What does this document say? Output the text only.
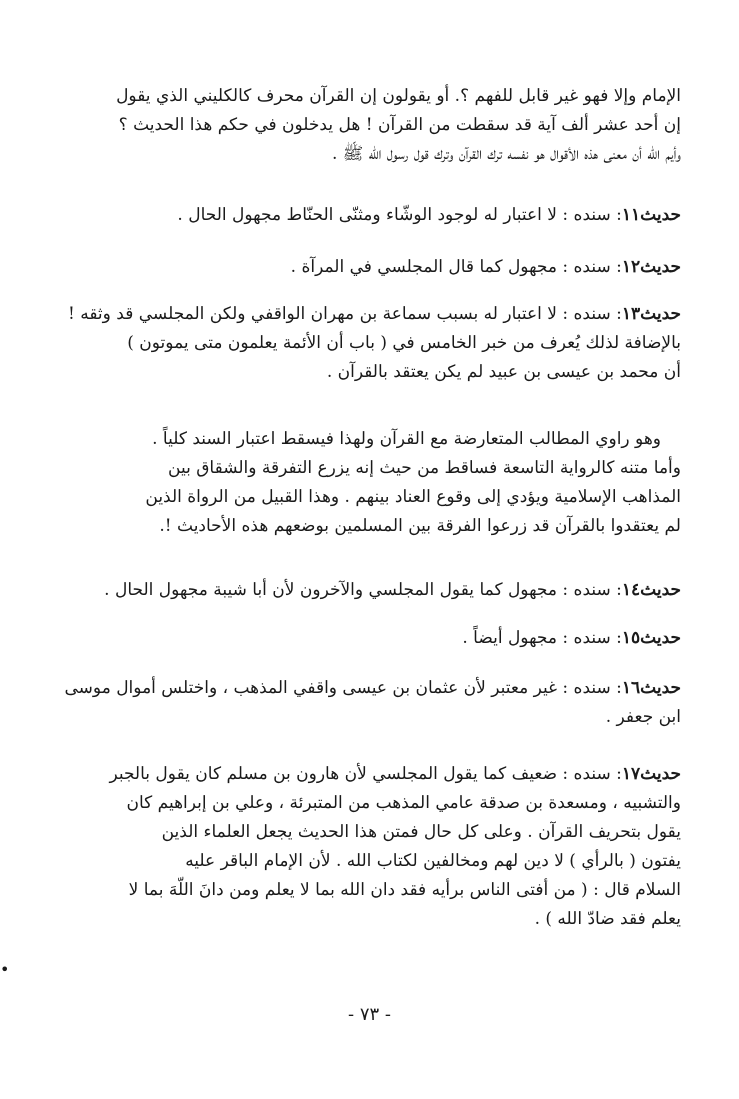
الإمام وإلا فهو غير قابل للفهم ؟. أو يقولون إن القرآن محرف كالكليني الذي يقول
إن أحد عشر ألف آية قد سقطت من القرآن ! هل يدخلون في حكم هذا الحديث ؟
وأيم الله أن معنى هذه الأقوال هو نفسه ترك القرآن وترك قول رسول الله ﷺ .
حديث١١: سنده : لا اعتبار له لوجود الوشّاء ومثنّى الحنّاط مجهول الحال .
حديث١٢: سنده : مجهول كما قال المجلسي في المرآة .
حديث١٣: سنده : لا اعتبار له بسبب سماعة بن مهران الواقفي ولكن المجلسي قد وثقه !
بالإضافة لذلك يُعرف من خبر الخامس في ( باب أن الأئمة يعلمون متى يموتون )
أن محمد بن عيسى بن عبيد لم يكن يعتقد بالقرآن .
وهو راوي المطالب المتعارضة مع القرآن ولهذا فيسقط اعتبار السند كلياً .
وأما متنه كالرواية التاسعة فساقط من حيث إنه يزرع التفرقة والشقاق بين
المذاهب الإسلامية ويؤدي إلى وقوع العناد بينهم . وهذا القبيل من الرواة الذين
لم يعتقدوا بالقرآن قد زرعوا الفرقة بين المسلمين بوضعهم هذه الأحاديث !.
حديث١٤: سنده : مجهول كما يقول المجلسي والآخرون لأن أبا شيبة مجهول الحال .
حديث١٥: سنده : مجهول أيضاً .
حديث١٦: سنده : غير معتبر لأن عثمان بن عيسى واقفي المذهب ، واختلس أموال موسى
ابن جعفر .
حديث١٧: سنده : ضعيف كما يقول المجلسي لأن هارون بن مسلم كان يقول بالجبر
والتشبيه ، ومسعدة بن صدقة عامي المذهب من المتبرئة ، وعلي بن إبراهيم كان
يقول بتحريف القرآن . وعلى كل حال فمتن هذا الحديث يجعل العلماء الذين
يفتون ( بالرأي ) لا دين لهم ومخالفين لكتاب الله . لأن الإمام الباقر عليه
السلام قال : ( من أفتى الناس برأيه فقد دان الله بما لا يعلم ومن دانَ اللّهَ بما لا
يعلم فقد ضادّ الله ) .
•
- ٧٣ -
